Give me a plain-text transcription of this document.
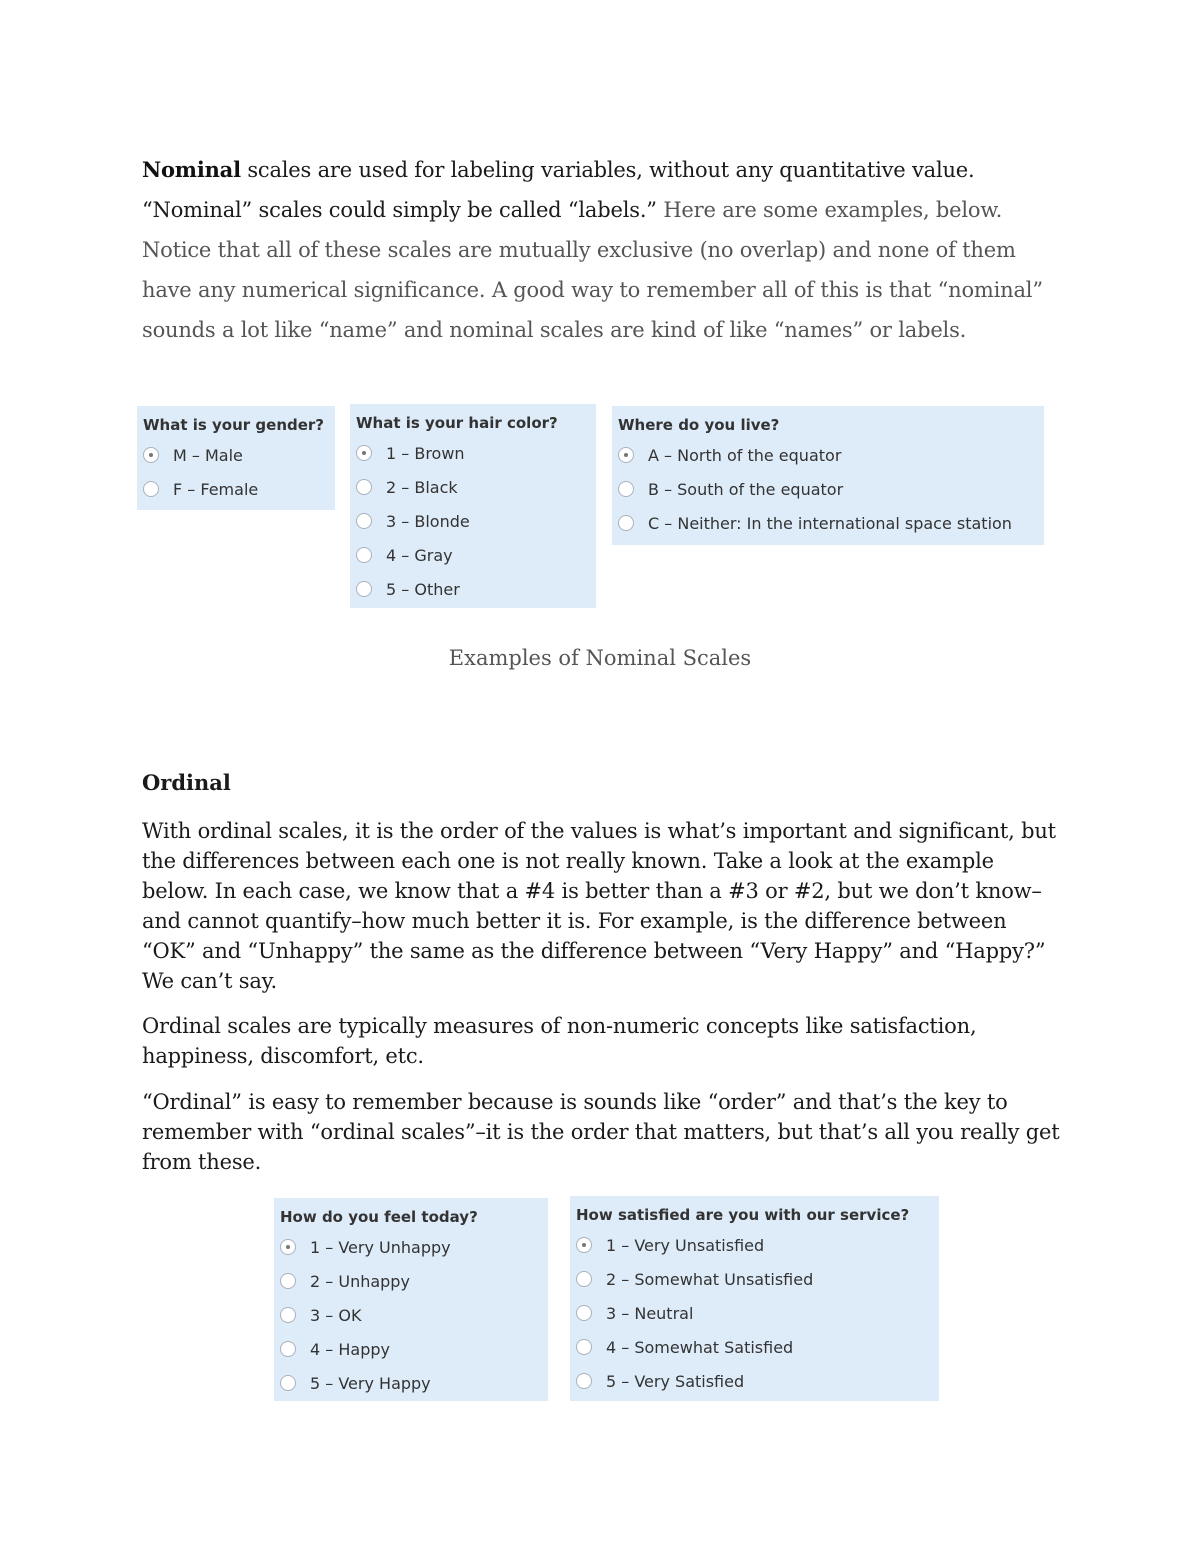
Nominal scales are used for labeling variables, without any quantitative value. “Nominal” scales could simply be called “labels.” Here are some examples, below. Notice that all of these scales are mutually exclusive (no overlap) and none of them have any numerical significance. A good way to remember all of this is that “nominal” sounds a lot like “name” and nominal scales are kind of like “names” or labels.

What is your gender?
M – Male
F – Female
What is your hair color?
1 – Brown
2 – Black
3 – Blonde
4 – Gray
5 – Other
Where do you live?
A – North of the equator
B – South of the equator
C – Neither: In the international space station
Examples of Nominal Scales

Ordinal

With ordinal scales, it is the order of the values is what’s important and significant, but the differences between each one is not really known. Take a look at the example below. In each case, we know that a #4 is better than a #3 or #2, but we don’t know–and cannot quantify–how much better it is. For example, is the difference between “OK” and “Unhappy” the same as the difference between “Very Happy” and “Happy?” We can’t say.

Ordinal scales are typically measures of non-numeric concepts like satisfaction, happiness, discomfort, etc.

“Ordinal” is easy to remember because is sounds like “order” and that’s the key to remember with “ordinal scales”–it is the order that matters, but that’s all you really get from these.

How do you feel today?
1 – Very Unhappy
2 – Unhappy
3 – OK
4 – Happy
5 – Very Happy
How satisfied are you with our service?
1 – Very Unsatisfied
2 – Somewhat Unsatisfied
3 – Neutral
4 – Somewhat Satisfied
5 – Very Satisfied
